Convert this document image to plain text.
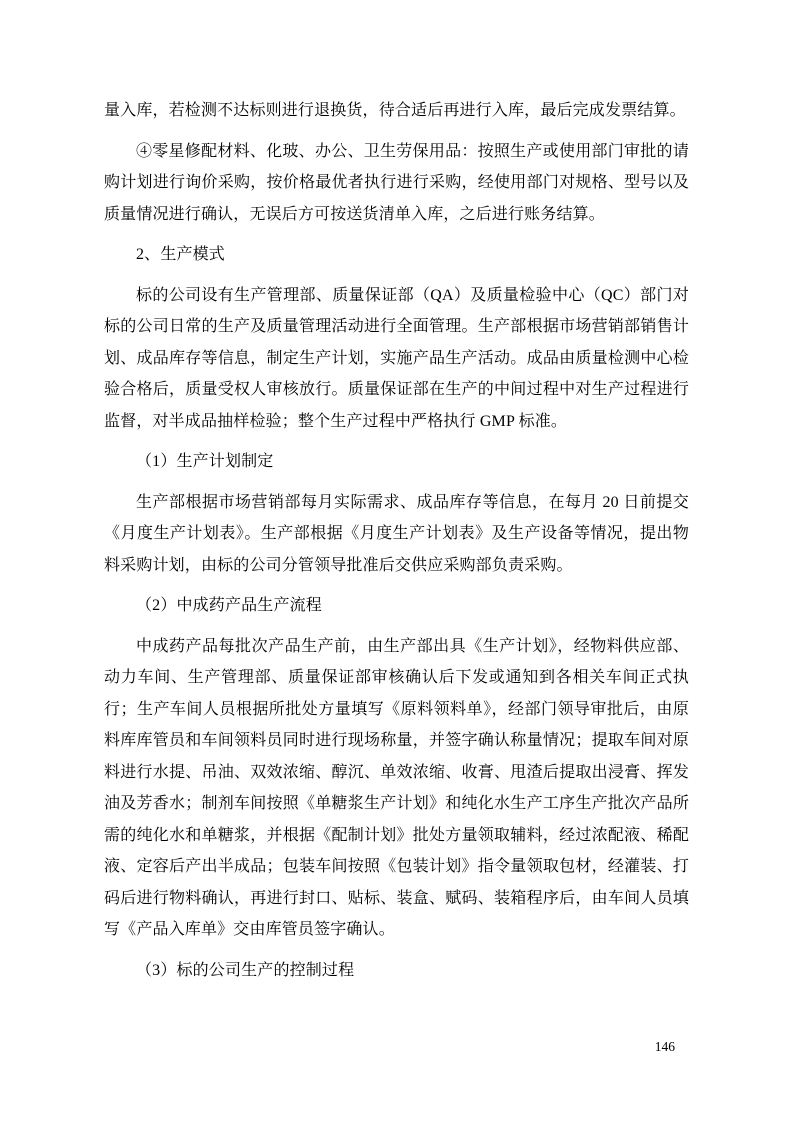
量入库，若检测不达标则进行退换货，待合适后再进行入库，最后完成发票结算。

④零星修配材料、化玻、办公、卫生劳保用品：按照生产或使用部门审批的请购计划进行询价采购，按价格最优者执行进行采购，经使用部门对规格、型号以及质量情况进行确认，无误后方可按送货清单入库，之后进行账务结算。

2、生产模式

标的公司设有生产管理部、质量保证部（QA）及质量检验中心（QC）部门对标的公司日常的生产及质量管理活动进行全面管理。生产部根据市场营销部销售计划、成品库存等信息，制定生产计划，实施产品生产活动。成品由质量检测中心检验合格后，质量受权人审核放行。质量保证部在生产的中间过程中对生产过程进行监督，对半成品抽样检验；整个生产过程中严格执行 GMP 标准。

（1）生产计划制定

生产部根据市场营销部每月实际需求、成品库存等信息，在每月 20 日前提交《月度生产计划表》。生产部根据《月度生产计划表》及生产设备等情况，提出物料采购计划，由标的公司分管领导批准后交供应采购部负责采购。

（2）中成药产品生产流程

中成药产品每批次产品生产前，由生产部出具《生产计划》，经物料供应部、动力车间、生产管理部、质量保证部审核确认后下发或通知到各相关车间正式执行；生产车间人员根据所批处方量填写《原料领料单》，经部门领导审批后，由原料库库管员和车间领料员同时进行现场称量，并签字确认称量情况；提取车间对原料进行水提、吊油、双效浓缩、醇沉、单效浓缩、收膏、甩渣后提取出浸膏、挥发油及芳香水；制剂车间按照《单糖浆生产计划》和纯化水生产工序生产批次产品所需的纯化水和单糖浆，并根据《配制计划》批处方量领取辅料，经过浓配液、稀配液、定容后产出半成品；包装车间按照《包装计划》指令量领取包材，经灌装、打码后进行物料确认，再进行封口、贴标、装盒、赋码、装箱程序后，由车间人员填写《产品入库单》交由库管员签字确认。

（3）标的公司生产的控制过程

146
